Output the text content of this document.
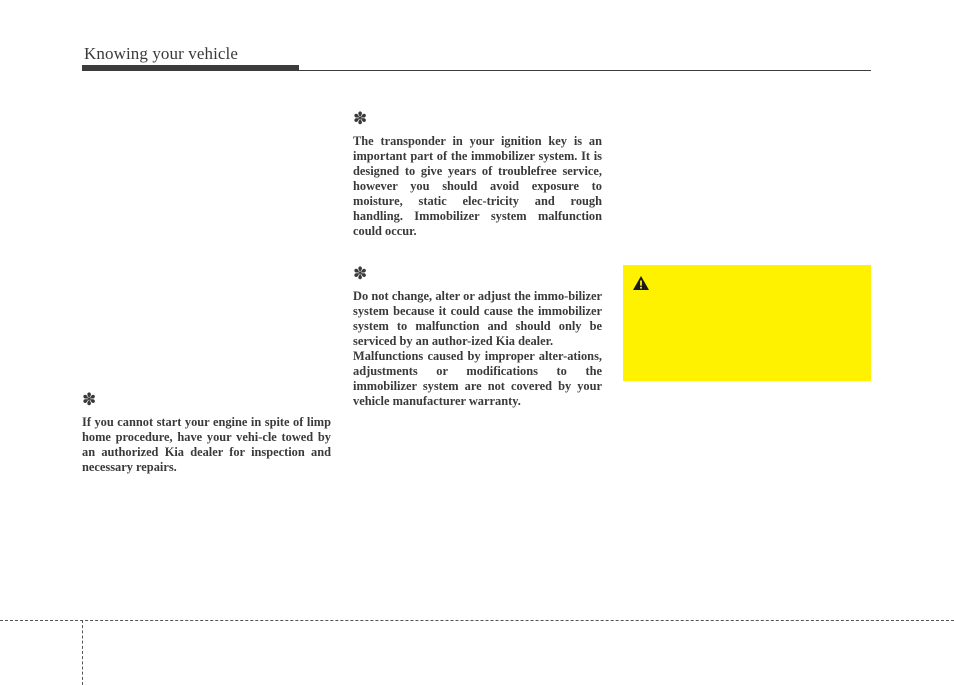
Knowing your vehicle
✽

If you cannot start your engine in spite of limp home procedure, have your vehi-cle towed by an authorized Kia dealer for inspection and necessary repairs.

✽

The transponder in your ignition key is an important part of the immobilizer system. It is designed to give years of troublefree service, however you should avoid exposure to moisture, static elec-tricity and rough handling. Immobilizer system malfunction could occur.

✽

Do not change, alter or adjust the immo-bilizer system because it could cause the immobilizer system to malfunction and should only be serviced by an author-ized Kia dealer.

Malfunctions caused by improper alter-ations, adjustments or modifications to the immobilizer system are not covered by your vehicle manufacturer warranty.
